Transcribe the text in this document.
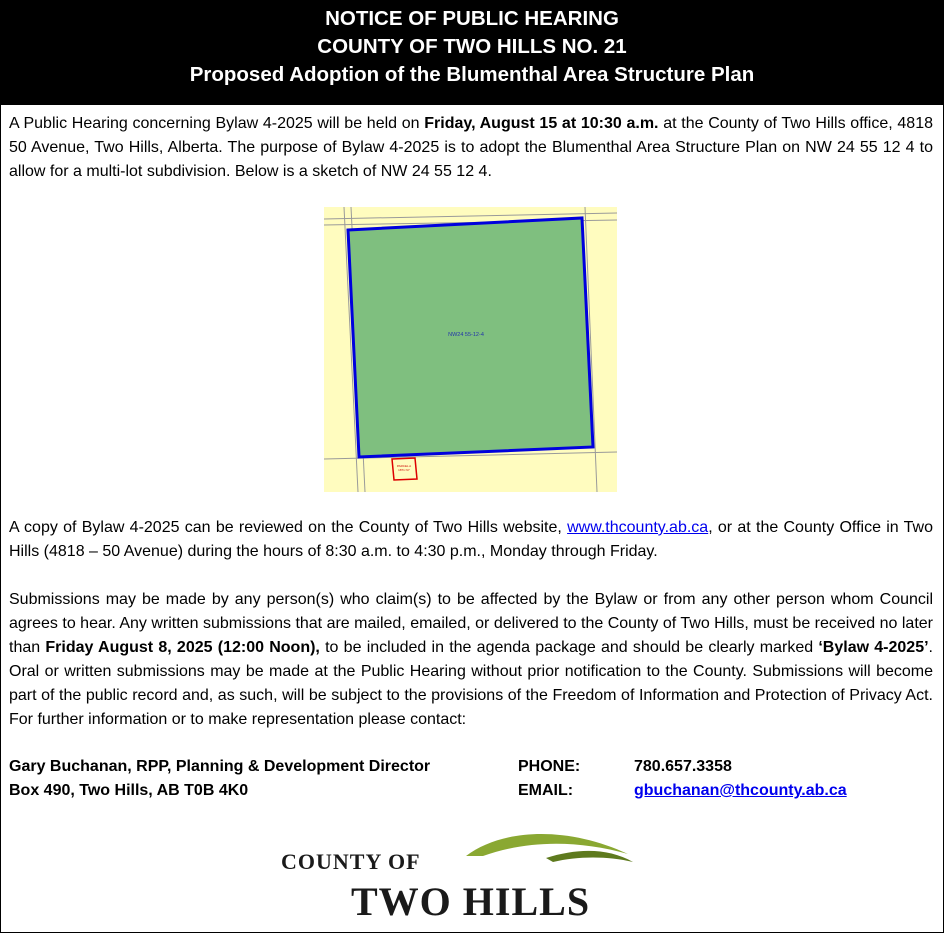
NOTICE OF PUBLIC HEARING
COUNTY OF TWO HILLS NO. 21
Proposed Adoption of the Blumenthal Area Structure Plan
A Public Hearing concerning Bylaw 4-2025 will be held on Friday, August 15 at 10:30 a.m. at the County of Two Hills office, 4818 50 Avenue, Two Hills, Alberta. The purpose of Bylaw 4-2025 is to adopt the Blumenthal Area Structure Plan on NW 24 55 12 4 to allow for a multi-lot subdivision. Below is a sketch of NW 24 55 12 4.
NW24 55-12-4
PARCEL A
1871 NY
A copy of Bylaw 4-2025 can be reviewed on the County of Two Hills website, www.thcounty.ab.ca, or at the County Office in Two Hills (4818 – 50 Avenue) during the hours of 8:30 a.m. to 4:30 p.m., Monday through Friday.
Submissions may be made by any person(s) who claim(s) to be affected by the Bylaw or from any other person whom Council agrees to hear. Any written submissions that are mailed, emailed, or delivered to the County of Two Hills, must be received no later than Friday August 8, 2025 (12:00 Noon), to be included in the agenda package and should be clearly marked ‘Bylaw 4-2025’. Oral or written submissions may be made at the Public Hearing without prior notification to the County. Submissions will become part of the public record and, as such, will be subject to the provisions of the Freedom of Information and Protection of Privacy Act. For further information or to make representation please contact:
Gary Buchanan, RPP, Planning & Development Director
Box 490, Two Hills, AB T0B 4K0
PHONE:
EMAIL:
780.657.3358
gbuchanan@thcounty.ab.ca
COUNTY OF
TWO HILLS
